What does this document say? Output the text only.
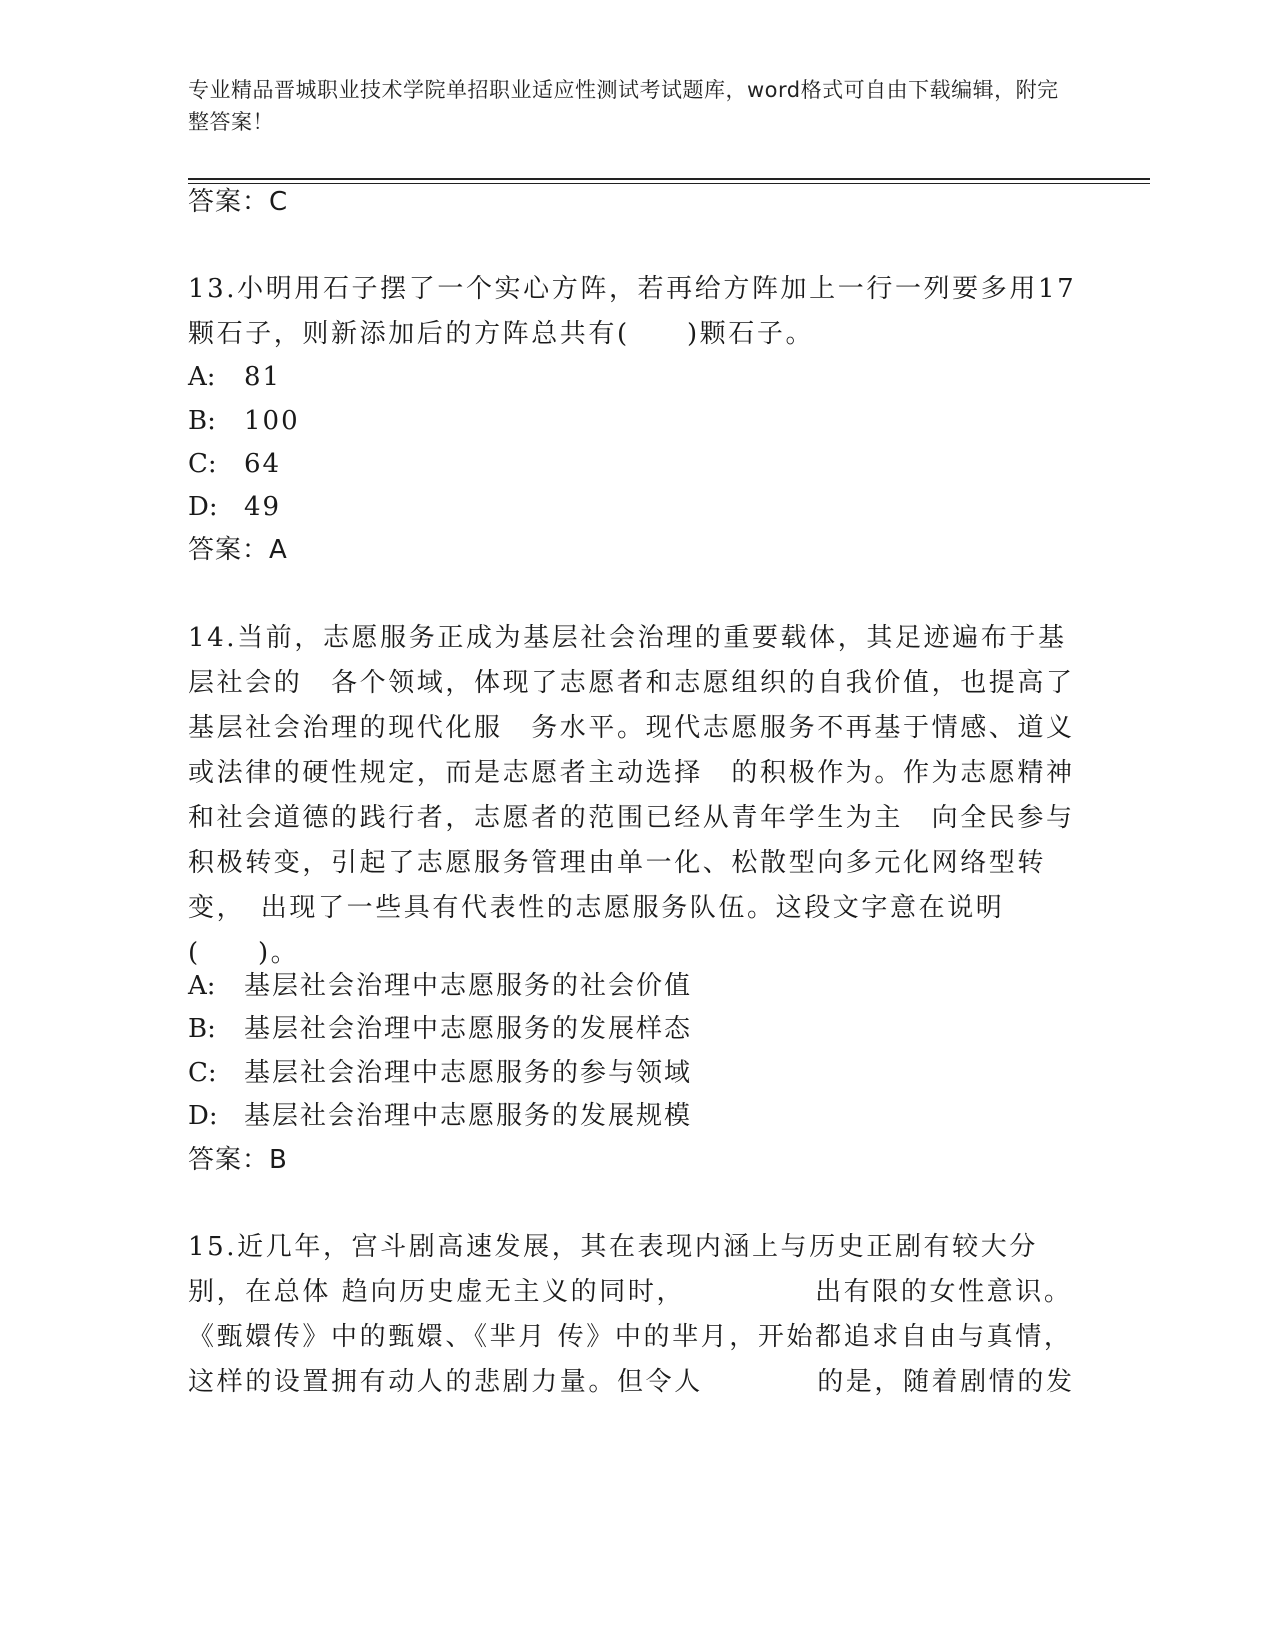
专业精品晋城职业技术学院单招职业适应性测试考试题库，word格式可自由下载编辑，附完整答案！
答案：C
13.小明用石子摆了一个实心方阵，若再给方阵加上一行一列要多用17颗石子，则新添加后的方阵总共有(　　)颗石子。
A: 81
B: 100
C: 64
D: 49
答案：A
14.当前，志愿服务正成为基层社会治理的重要载体，其足迹遍布于基层社会的　各个领域，体现了志愿者和志愿组织的自我价值，也提高了基层社会治理的现代化服　务水平。现代志愿服务不再基于情感、道义或法律的硬性规定，而是志愿者主动选择　的积极作为。作为志愿精神和社会道德的践行者，志愿者的范围已经从青年学生为主　向全民参与积极转变，引起了志愿服务管理由单一化、松散型向多元化网络型转变，　出现了一些具有代表性的志愿服务队伍。这段文字意在说明(　　)。
A: 基层社会治理中志愿服务的社会价值
B: 基层社会治理中志愿服务的发展样态
C: 基层社会治理中志愿服务的参与领域
D: 基层社会治理中志愿服务的发展规模
答案：B
15.近几年，宫斗剧高速发展，其在表现内涵上与历史正剧有较大分别，在总体 趋向历史虚无主义的同时，　　　　　出有限的女性意识。《甄嬛传》中的甄嬛、《芈月 传》中的芈月，开始都追求自由与真情，这样的设置拥有动人的悲剧力量。但令人　　　　的是，随着剧情的发
